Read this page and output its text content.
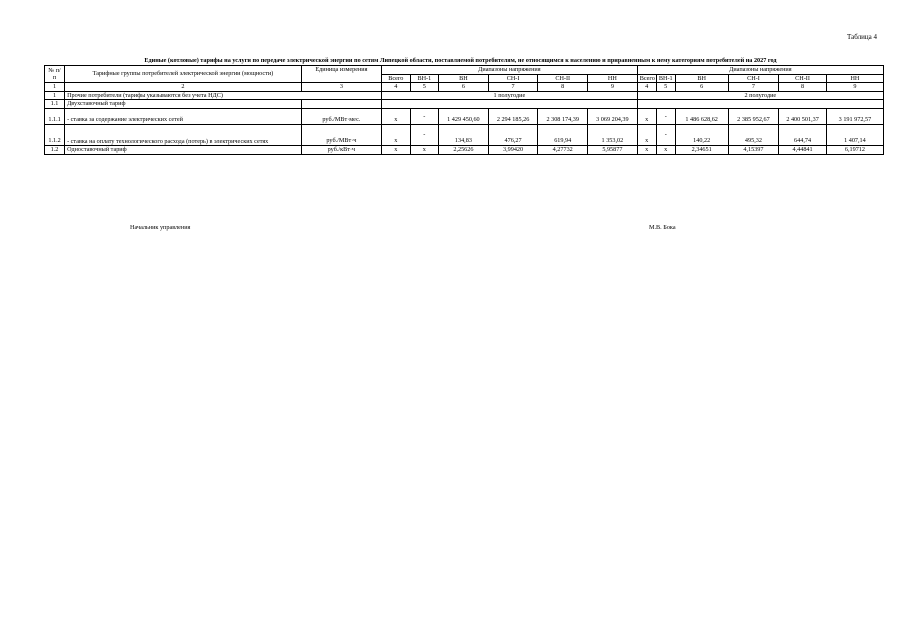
Таблица 4
Единые (котловые) тарифы на услуги по передаче электрической энергии по сетям Липецкой области, поставляемой потребителям, не относящимся к населению и приравненным к нему категориям потребителей на 2027 год
№ п/п	Тарифные группы потребителей электрической энергии (мощности)	Единица измерения	Диапазоны напряжения						Диапазоны напряжения					
			Всего	ВН-1	ВН	СН-I	СН-II	НН	Всего	ВН-1	ВН	СН-I	СН-II	НН
1	2	3	4	5	6	7	8	9	4	5	6	7	8	9
1	Прочие потребители (тарифы указываются без учета НДС)		1 полугодие						2 полугодие					
1.1	Двухставочный тариф													
1.1.1	- ставка за содержание электрических сетей	руб./МВт·мес.	х	-	1 429 450,60	2 294 185,26	2 308 174,39	3 069 204,39	х	-	1 486 628,62	2 385 952,67	2 400 501,37	3 191 972,57
1.1.2	- ставка на оплату технологического расхода (потерь) в электрических сетях	руб./МВт·ч	х	-	134,83	476,27	619,94	1 353,02	х	-	140,22	495,32	644,74	1 407,14
1.2	Одноставочный тариф	руб./кВт·ч	х	х	2,25626	3,99420	4,27732	5,95877	х	х	2,34651	4,15397	4,44841	6,19712
Начальник управления	М.В. Бока
